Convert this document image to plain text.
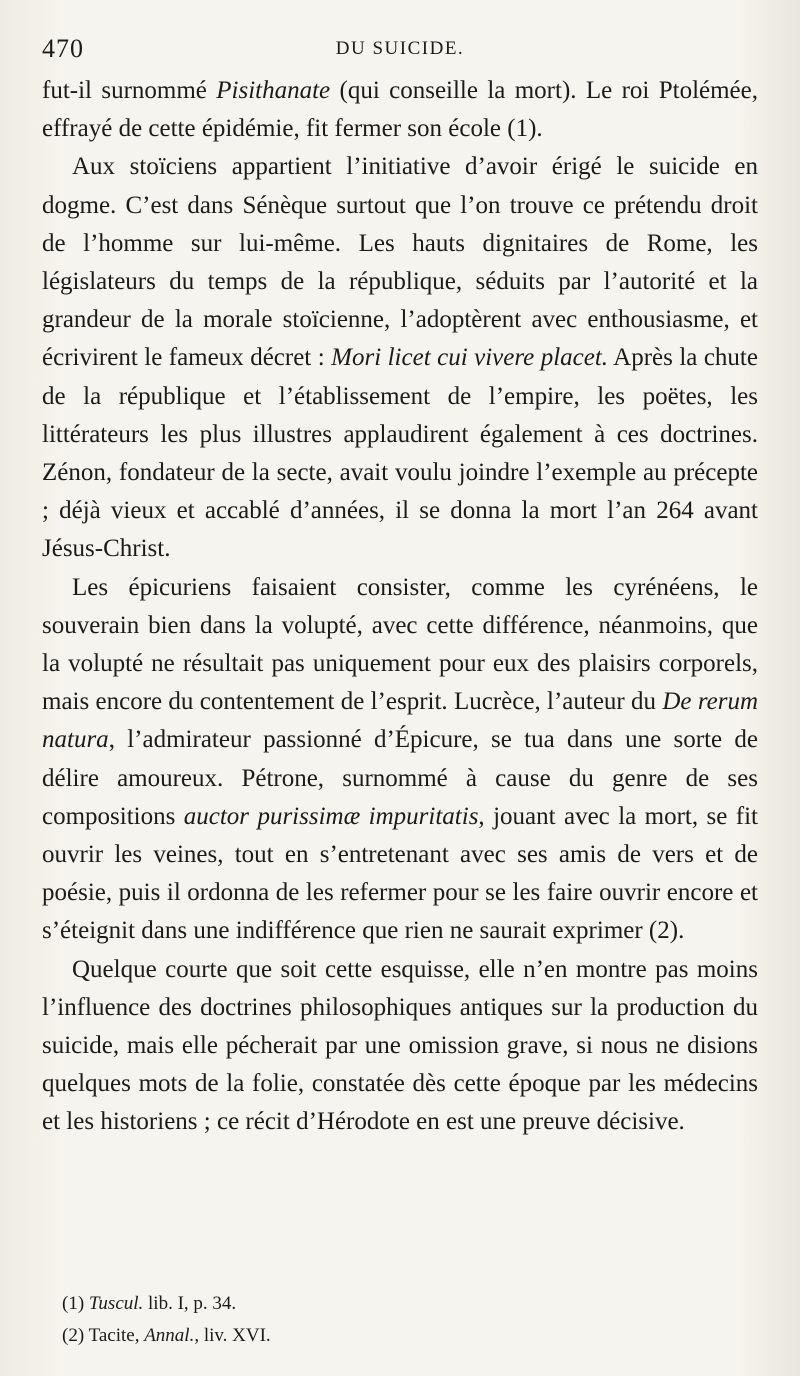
470	DU SUICIDE.

fut-il surnommé Pisithanate (qui conseille la mort). Le roi Ptolémée, effrayé de cette épidémie, fit fermer son école (1).

Aux stoïciens appartient l’initiative d’avoir érigé le suicide en dogme. C’est dans Sénèque surtout que l’on trouve ce prétendu droit de l’homme sur lui-même. Les hauts dignitaires de Rome, les législateurs du temps de la république, séduits par l’autorité et la grandeur de la morale stoïcienne, l’adoptèrent avec enthousiasme, et écrivirent le fameux décret : Mori licet cui vivere placet. Après la chute de la république et l’établissement de l’empire, les poëtes, les littérateurs les plus illustres applaudirent également à ces doctrines. Zénon, fondateur de la secte, avait voulu joindre l’exemple au précepte ; déjà vieux et accablé d’années, il se donna la mort l’an 264 avant Jésus-Christ.

Les épicuriens faisaient consister, comme les cyrénéens, le souverain bien dans la volupté, avec cette différence, néanmoins, que la volupté ne résultait pas uniquement pour eux des plaisirs corporels, mais encore du contentement de l’esprit. Lucrèce, l’auteur du De rerum natura, l’admirateur passionné d’Épicure, se tua dans une sorte de délire amoureux. Pétrone, surnommé à cause du genre de ses compositions auctor purissimæ impuritatis, jouant avec la mort, se fit ouvrir les veines, tout en s’entretenant avec ses amis de vers et de poésie, puis il ordonna de les refermer pour se les faire ouvrir encore et s’éteignit dans une indifférence que rien ne saurait exprimer (2).

Quelque courte que soit cette esquisse, elle n’en montre pas moins l’influence des doctrines philosophiques antiques sur la production du suicide, mais elle pécherait par une omission grave, si nous ne disions quelques mots de la folie, constatée dès cette époque par les médecins et les historiens ; ce récit d’Hérodote en est une preuve décisive.

(1) Tuscul. lib. I, p. 34.
(2) Tacite, Annal., liv. XVI.
